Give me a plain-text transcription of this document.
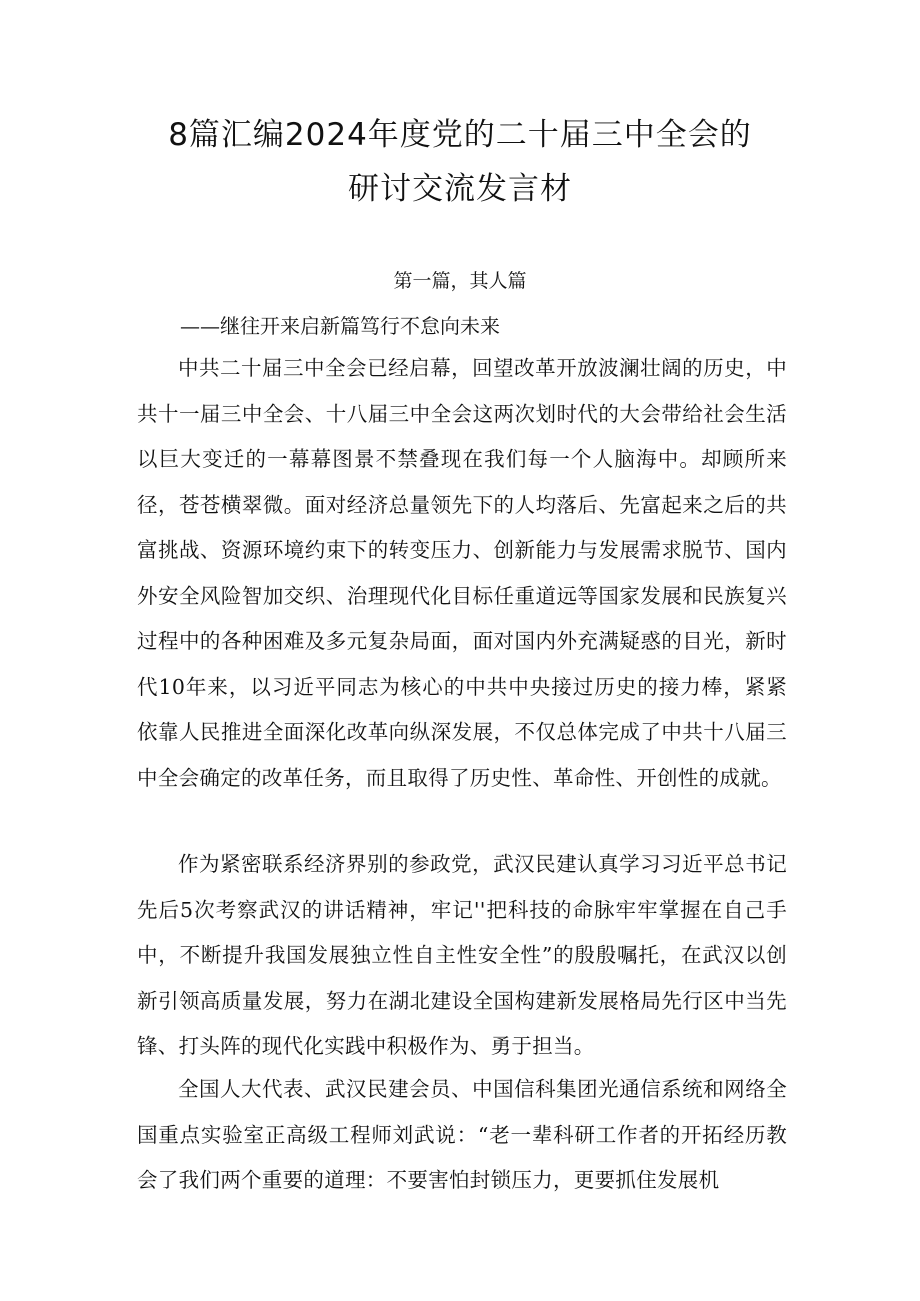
8篇汇编2024年度党的二十届三中全会的
研讨交流发言材
第一篇，其人篇
——继往开来启新篇笃行不怠向未来

中共二十届三中全会已经启幕，回望改革开放波澜壮阔的历史，中共十一届三中全会、十八届三中全会这两次划时代的大会带给社会生活以巨大变迁的一幕幕图景不禁叠现在我们每一个人脑海中。却顾所来径，苍苍横翠微。面对经济总量领先下的人均落后、先富起来之后的共富挑战、资源环境约束下的转变压力、创新能力与发展需求脱节、国内外安全风险智加交织、治理现代化目标任重道远等国家发展和民族复兴过程中的各种困难及多元复杂局面，面对国内外充满疑惑的目光，新时代10年来，以习近平同志为核心的中共中央接过历史的接力棒，紧紧依靠人民推进全面深化改革向纵深发展，不仅总体完成了中共十八届三中全会确定的改革任务，而且取得了历史性、革命性、开创性的成就。

作为紧密联系经济界别的参政党，武汉民建认真学习习近平总书记先后5次考察武汉的讲话精神，牢记''把科技的命脉牢牢掌握在自己手中，不断提升我国发展独立性自主性安全性”的殷殷嘱托，在武汉以创新引领高质量发展，努力在湖北建设全国构建新发展格局先行区中当先锋、打头阵的现代化实践中积极作为、勇于担当。

全国人大代表、武汉民建会员、中国信科集团光通信系统和网络全国重点实验室正高级工程师刘武说：“老一辈科研工作者的开拓经历教会了我们两个重要的道理：不要害怕封锁压力，更要抓住发展机
